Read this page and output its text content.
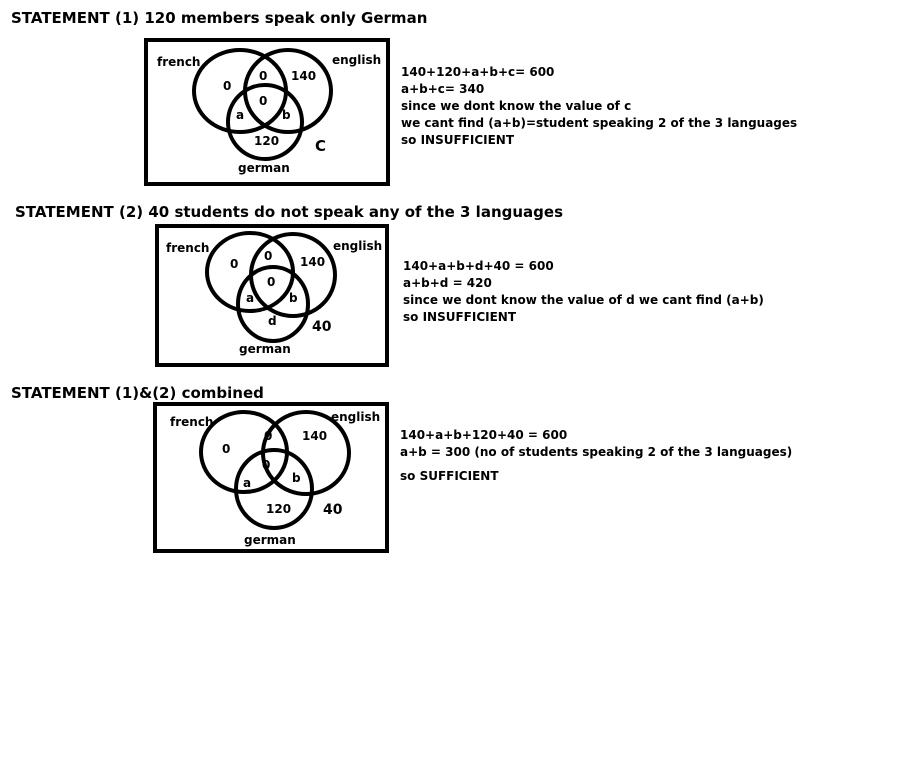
STATEMENT (1) 120 members speak only German
STATEMENT (2) 40 students do not speak any of the 3 languages
STATEMENT (1)&(2) combined
french	english
german
0
0 140
0
a	b
120 C
french	english
german
0
0 140
0
a	b
d	40
french	english
german
0
0 140
0
a	b
120 40
140+120+a+b+c= 600
a+b+c= 340
since we dont know the value of c
we cant find (a+b)=student speaking 2 of the 3 languages
so INSUFFICIENT
140+a+b+d+40 = 600
a+b+d = 420
since we dont know the value of d we cant find (a+b)
so INSUFFICIENT
140+a+b+120+40 = 600
a+b = 300 (no of students speaking 2 of the 3 languages)
so SUFFICIENT
